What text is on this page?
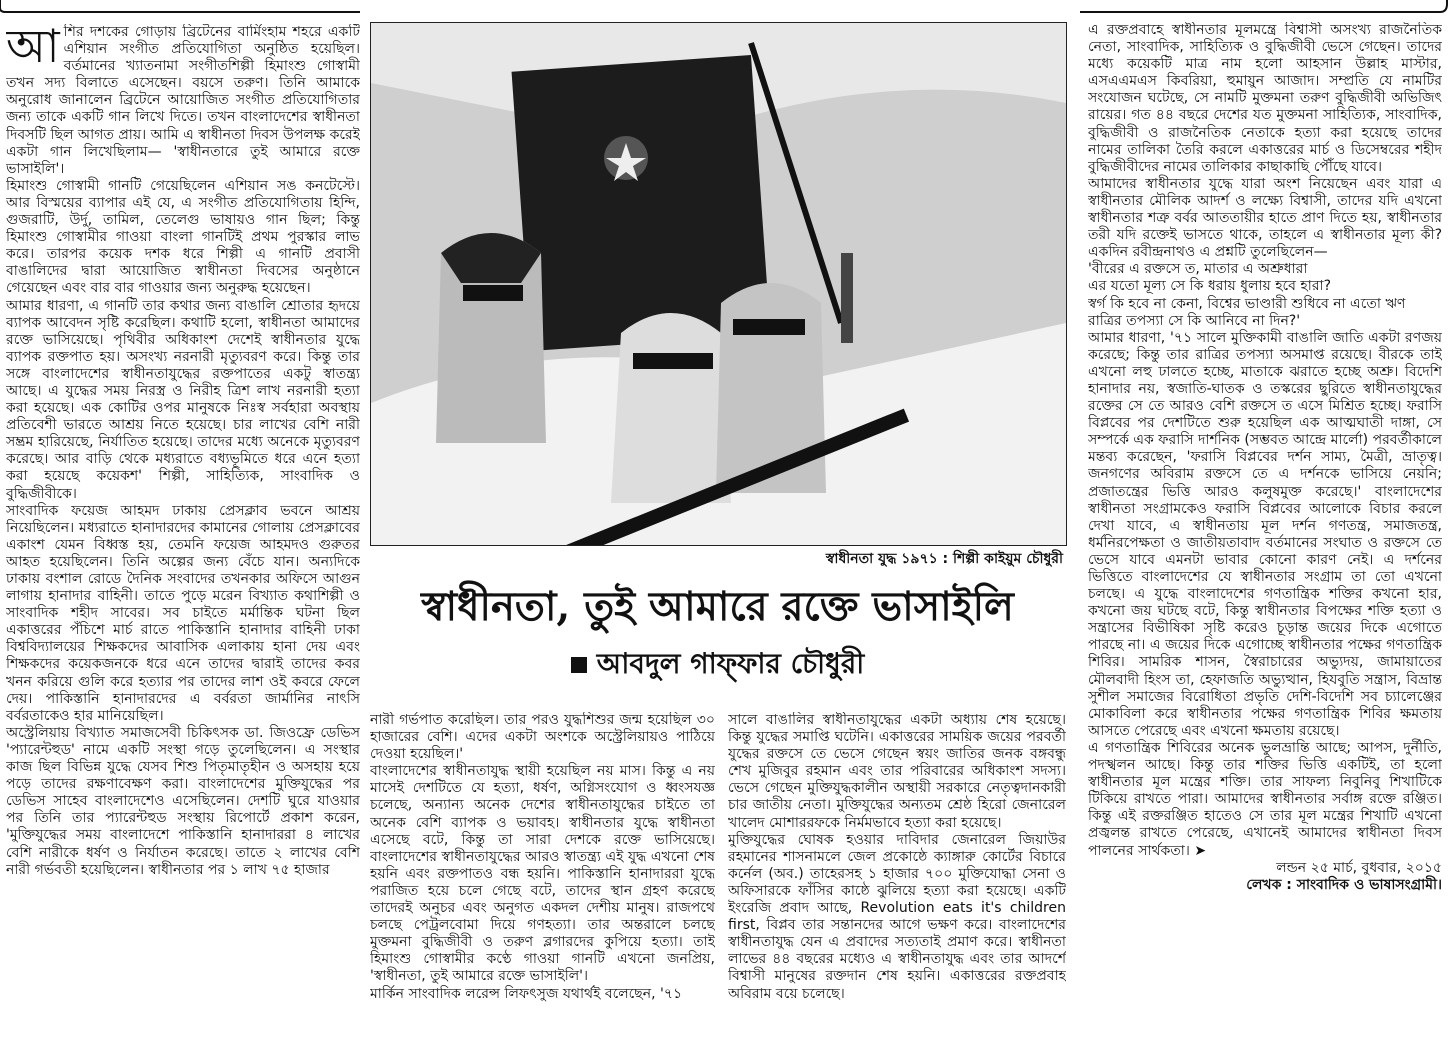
আ শির দশকের গোড়ায় ব্রিটেনের বার্মিংহাম শহরে একটি এশিয়ান সংগীত প্রতিযোগিতা অনুষ্ঠিত হয়েছিল। বর্তমানের খ্যাতনামা সংগীতশিল্পী হিমাংশু গোস্বামী তখন সদ্য বিলাতে এসেছেন। বয়সে তরুণ। তিনি আমাকে অনুরোধ জানালেন ব্রিটেনে আয়োজিত সংগীত প্রতিযোগিতার জন্য তাকে একটি গান লিখে দিতে। তখন বাংলাদেশের স্বাধীনতা দিবসটি ছিল আগত প্রায়। আমি এ স্বাধীনতা দিবস উপলক্ষ করেই একটা গান লিখেছিলাম— 'স্বাধীনতারে তুই আমারে রক্তে ভাসাইলি'।

হিমাংশু গোস্বামী গানটি গেয়েছিলেন এশিয়ান সঙ কনটেস্টে। আর বিস্ময়ের ব্যাপার এই যে, এ সংগীত প্রতিযোগিতায় হিন্দি, গুজরাটি, উর্দু, তামিল, তেলেগু ভাষায়ও গান ছিল; কিন্তু হিমাংশু গোস্বামীর গাওয়া বাংলা গানটিই প্রথম পুরস্কার লাভ করে। তারপর কয়েক দশক ধরে শিল্পী এ গানটি প্রবাসী বাঙালিদের দ্বারা আয়োজিত স্বাধীনতা দিবসের অনুষ্ঠানে গেয়েছেন এবং বার বার গাওয়ার জন্য অনুরুদ্ধ হয়েছেন।

আমার ধারণা, এ গানটি তার কথার জন্য বাঙালি শ্রোতার হৃদয়ে ব্যাপক আবেদন সৃষ্টি করেছিল। কথাটি হলো, স্বাধীনতা আমাদের রক্তে ভাসিয়েছে। পৃথিবীর অধিকাংশ দেশেই স্বাধীনতার যুদ্ধে ব্যাপক রক্তপাত হয়। অসংখ্য নরনারী মৃত্যুবরণ করে। কিন্তু তার সঙ্গে বাংলাদেশের স্বাধীনতাযুদ্ধের রক্তপাতের একটু স্বাতন্ত্র্য আছে। এ যুদ্ধের সময় নিরস্ত্র ও নিরীহ ত্রিশ লাখ নরনারী হত্যা করা হয়েছে। এক কোটির ওপর মানুষকে নিঃস্ব সর্বহারা অবস্থায় প্রতিবেশী ভারতে আশ্রয় নিতে হয়েছে। চার লাখের বেশি নারী সম্ভ্রম হারিয়েছে, নির্যাতিত হয়েছে। তাদের মধ্যে অনেকে মৃত্যুবরণ করেছে। আর বাড়ি থেকে মধ্যরাতে বধ্যভূমিতে ধরে এনে হত্যা করা হয়েছে কয়েকশ' শিল্পী, সাহিত্যিক, সাংবাদিক ও বুদ্ধিজীবীকে।

সাংবাদিক ফয়েজ আহমদ ঢাকায় প্রেসক্লাব ভবনে আশ্রয় নিয়েছিলেন। মধ্যরাতে হানাদারদের কামানের গোলায় প্রেসক্লাবের একাংশ যেমন বিধ্বস্ত হয়, তেমনি ফয়েজ আহমদও গুরুতর আহত হয়েছিলেন। তিনি অল্পের জন্য বেঁচে যান। অন্যদিকে ঢাকায় বংশাল রোডে দৈনিক সংবাদের তখনকার অফিসে আগুন লাগায় হানাদার বাহিনী। তাতে পুড়ে মরেন বিখ্যাত কথাশিল্পী ও সাংবাদিক শহীদ সাবের। সব চাইতে মর্মান্তিক ঘটনা ছিল একাত্তরের পঁচিশে মার্চ রাতে পাকিস্তানি হানাদার বাহিনী ঢাকা বিশ্ববিদ্যালয়ের শিক্ষকদের আবাসিক এলাকায় হানা দেয় এবং শিক্ষকদের কয়েকজনকে ধরে এনে তাদের দ্বারাই তাদের কবর খনন করিয়ে গুলি করে হত্যার পর তাদের লাশ ওই কবরে ফেলে দেয়। পাকিস্তানি হানাদারদের এ বর্বরতা জার্মানির নাৎসি বর্বরতাকেও হার মানিয়েছিল।

অস্ট্রেলিয়ায় বিখ্যাত সমাজসেবী চিকিৎসক ডা. জিওফ্রে ডেভিস 'প্যারেন্টহুড' নামে একটি সংস্থা গড়ে তুলেছিলেন। এ সংস্থার কাজ ছিল বিভিন্ন যুদ্ধে যেসব শিশু পিতৃমাতৃহীন ও অসহায় হয়ে পড়ে তাদের রক্ষণাবেক্ষণ করা। বাংলাদেশের মুক্তিযুদ্ধের পর ডেভিস সাহেব বাংলাদেশেও এসেছিলেন। দেশটি ঘুরে যাওয়ার পর তিনি তার প্যারেন্টহুড সংস্থায় রিপোর্টে প্রকাশ করেন, 'মুক্তিযুদ্ধের সময় বাংলাদেশে পাকিস্তানি হানাদাররা ৪ লাখের বেশি নারীকে ধর্ষণ ও নির্যাতন করেছে। তাতে ২ লাখের বেশি নারী গর্ভবতী হয়েছিলেন। স্বাধীনতার পর ১ লাখ ৭৫ হাজার

স্বাধীনতা যুদ্ধ ১৯৭১ : শিল্পী কাইয়ুম চৌধুরী
স্বাধীনতা, তুই আমারে রক্তে ভাসাইলি
আবদুল গাফ্ফার চৌধুরী

নারী গর্ভপাত করেছিল। তার পরও যুদ্ধশিশুর জন্ম হয়েছিল ৩০ হাজারের বেশি। এদের একটা অংশকে অস্ট্রেলিয়ায়ও পাঠিয়ে দেওয়া হয়েছিল।'

বাংলাদেশের স্বাধীনতাযুদ্ধ স্থায়ী হয়েছিল নয় মাস। কিন্তু এ নয় মাসেই দেশটিতে যে হত্যা, ধর্ষণ, অগ্নিসংযোগ ও ধ্বংসযজ্ঞ চলেছে, অন্যান্য অনেক দেশের স্বাধীনতাযুদ্ধের চাইতে তা অনেক বেশি ব্যাপক ও ভয়াবহ। স্বাধীনতার যুদ্ধে স্বাধীনতা এসেছে বটে, কিন্তু তা সারা দেশকে রক্তে ভাসিয়েছে। বাংলাদেশের স্বাধীনতাযুদ্ধের আরও স্বাতন্ত্র্য এই যুদ্ধ এখনো শেষ হয়নি এবং রক্তপাতও বন্ধ হয়নি। পাকিস্তানি হানাদাররা যুদ্ধে পরাজিত হয়ে চলে গেছে বটে, তাদের স্থান গ্রহণ করেছে তাদেরই অনুচর এবং অনুগত একদল দেশীয় মানুষ। রাজপথে চলছে পেট্রলবোমা দিয়ে গণহত্যা। তার অন্তরালে চলছে মুক্তমনা বুদ্ধিজীবী ও তরুণ ব্লগারদের কুপিয়ে হত্যা। তাই হিমাংশু গোস্বামীর কণ্ঠে গাওয়া গানটি এখনো জনপ্রিয়, 'স্বাধীনতা, তুই আমারে রক্তে ভাসাইলি'।

মার্কিন সাংবাদিক লরেন্স লিফৎসুজ যথার্থই বলেছেন, '৭১

সালে বাঙালির স্বাধীনতাযুদ্ধের একটা অধ্যায় শেষ হয়েছে। কিন্তু যুদ্ধের সমাপ্তি ঘটেনি। একাত্তরের সাময়িক জয়ের পরবর্তী যুদ্ধের রক্তসে তে ভেসে গেছেন স্বয়ং জাতির জনক বঙ্গবন্ধু শেখ মুজিবুর রহমান এবং তার পরিবারের অধিকাংশ সদস্য। ভেসে গেছেন মুক্তিযুদ্ধকালীন অস্থায়ী সরকারে নেতৃত্বদানকারী চার জাতীয় নেতা। মুক্তিযুদ্ধের অন্যতম শ্রেষ্ঠ হিরো জেনারেল খালেদ মোশাররফকে নির্মমভাবে হত্যা করা হয়েছে।

মুক্তিযুদ্ধের ঘোষক হওয়ার দাবিদার জেনারেল জিয়াউর রহমানের শাসনামলে জেল প্রকোষ্ঠে ক্যাঙ্গারু কোর্টের বিচারে কর্নেল (অব.) তাহেরসহ ১ হাজার ৭০০ মুক্তিযোদ্ধা সেনা ও অফিসারকে ফাঁসির কাষ্ঠে ঝুলিয়ে হত্যা করা হয়েছে। একটি ইংরেজি প্রবাদ আছে, Revolution eats it's children first, বিপ্লব তার সন্তানদের আগে ভক্ষণ করে। বাংলাদেশের স্বাধীনতাযুদ্ধ যেন এ প্রবাদের সত্যতাই প্রমাণ করে। স্বাধীনতা লাভের ৪৪ বছরের মধ্যেও এ স্বাধীনতাযুদ্ধ এবং তার আদর্শে বিশ্বাসী মানুষের রক্তদান শেষ হয়নি। একাত্তরের রক্তপ্রবাহ অবিরাম বয়ে চলেছে।

এ রক্তপ্রবাহে স্বাধীনতার মূলমন্ত্রে বিশ্বাসী অসংখ্য রাজনৈতিক নেতা, সাংবাদিক, সাহিত্যিক ও বুদ্ধিজীবী ভেসে গেছেন। তাদের মধ্যে কয়েকটি মাত্র নাম হলো আহসান উল্লাহ মাস্টার, এসএএমএস কিবরিয়া, হুমায়ুন আজাদ। সম্প্রতি যে নামটির সংযোজন ঘটেছে, সে নামটি মুক্তমনা তরুণ বুদ্ধিজীবী অভিজিৎ রায়ের। গত ৪৪ বছরে দেশের যত মুক্তমনা সাহিত্যিক, সাংবাদিক, বুদ্ধিজীবী ও রাজনৈতিক নেতাকে হত্যা করা হয়েছে তাদের নামের তালিকা তৈরি করলে একাত্তরের মার্চ ও ডিসেম্বরের শহীদ বুদ্ধিজীবীদের নামের তালিকার কাছাকাছি পৌঁছে যাবে।

আমাদের স্বাধীনতার যুদ্ধে যারা অংশ নিয়েছেন এবং যারা এ স্বাধীনতার মৌলিক আদর্শ ও লক্ষ্যে বিশ্বাসী, তাদের যদি এখনো স্বাধীনতার শত্রু বর্বর আততায়ীর হাতে প্রাণ দিতে হয়, স্বাধীনতার তরী যদি রক্তেই ভাসতে থাকে, তাহলে এ স্বাধীনতার মূল্য কী? একদিন রবীন্দ্রনাথও এ প্রশ্নটি তুলেছিলেন—

'বীরের এ রক্তসে ত, মাতার এ অশ্রুধারা

এর যতো মূল্য সে কি ধরায় ধুলায় হবে হারা?

স্বর্গ কি হবে না কেনা, বিশ্বের ভাণ্ডারী শুধিবে না এতো ঋণ

রাত্রির তপস্যা সে কি আনিবে না দিন?'

আমার ধারণা, '৭১ সালে মুক্তিকামী বাঙালি জাতি একটা রণজয় করেছে; কিন্তু তার রাত্রির তপস্যা অসমাপ্ত রয়েছে। বীরকে তাই এখনো লহু ঢালতে হচ্ছে, মাতাকে ঝরাতে হচ্ছে অশ্রু। বিদেশি হানাদার নয়, স্বজাতি-ঘাতক ও তস্করের ছুরিতে স্বাধীনতাযুদ্ধের রক্তের সে তে আরও বেশি রক্তসে ত এসে মিশ্রিত হচ্ছে। ফরাসি বিপ্লবের পর দেশটিতে শুরু হয়েছিল এক আত্মঘাতী দাঙ্গা, সে সম্পর্কে এক ফরাসি দার্শনিক (সম্ভবত আন্দ্রে মার্লো) পরবর্তীকালে মন্তব্য করেছেন, 'ফরাসি বিপ্লবের দর্শন সাম্য, মৈত্রী, ভ্রাতৃত্ব। জনগণের অবিরাম রক্তসে তে এ দর্শনকে ভাসিয়ে নেয়নি; প্রজাতন্ত্রের ভিত্তি আরও কলুষমুক্ত করেছে।' বাংলাদেশের স্বাধীনতা সংগ্রামকেও ফরাসি বিপ্লবের আলোকে বিচার করলে দেখা যাবে, এ স্বাধীনতায় মূল দর্শন গণতন্ত্র, সমাজতন্ত্র, ধর্মনিরপেক্ষতা ও জাতীয়তাবাদ বর্তমানের সংঘাত ও রক্তসে তে ভেসে যাবে এমনটা ভাবার কোনো কারণ নেই। এ দর্শনের ভিত্তিতে বাংলাদেশের যে স্বাধীনতার সংগ্রাম তা তো এখনো চলছে। এ যুদ্ধে বাংলাদেশের গণতান্ত্রিক শক্তির কখনো হার, কখনো জয় ঘটছে বটে, কিন্তু স্বাধীনতার বিপক্ষের শক্তি হত্যা ও সন্ত্রাসের বিভীষিকা সৃষ্টি করেও চূড়ান্ত জয়ের দিকে এগোতে পারছে না। এ জয়ের দিকে এগোচ্ছে স্বাধীনতার পক্ষের গণতান্ত্রিক শিবির। সামরিক শাসন, স্বৈরাচারের অভ্যুদয়, জামায়াতের মৌলবাদী হিংস তা, হেফাজতি অভ্যুত্থান, হিযবুতি সন্ত্রাস, বিভ্রান্ত সুশীল সমাজের বিরোধিতা প্রভৃতি দেশি-বিদেশি সব চ্যালেঞ্জের মোকাবিলা করে স্বাধীনতার পক্ষের গণতান্ত্রিক শিবির ক্ষমতায় আসতে পেরেছে এবং এখনো ক্ষমতায় রয়েছে।

এ গণতান্ত্রিক শিবিরের অনেক ভুলভ্রান্তি আছে; আপস, দুর্নীতি, পদস্খলন আছে। কিন্তু তার শক্তির ভিত্তি একটিই, তা হলো স্বাধীনতার মূল মন্ত্রের শক্তি। তার সাফল্য নিবুনিবু শিখাটিকে টিকিয়ে রাখতে পারা। আমাদের স্বাধীনতার সর্বাঙ্গ রক্তে রঞ্জিত। কিন্তু এই রক্তরঞ্জিত হাতেও সে তার মূল মন্ত্রের শিখাটি এখনো প্রজ্বলন্ত রাখতে পেরেছে, এখানেই আমাদের স্বাধীনতা দিবস পালনের সার্থকতা। ➤

লন্ডন ২৫ মার্চ, বুধবার, ২০১৫

লেখক : সাংবাদিক ও ভাষাসংগ্রামী।
